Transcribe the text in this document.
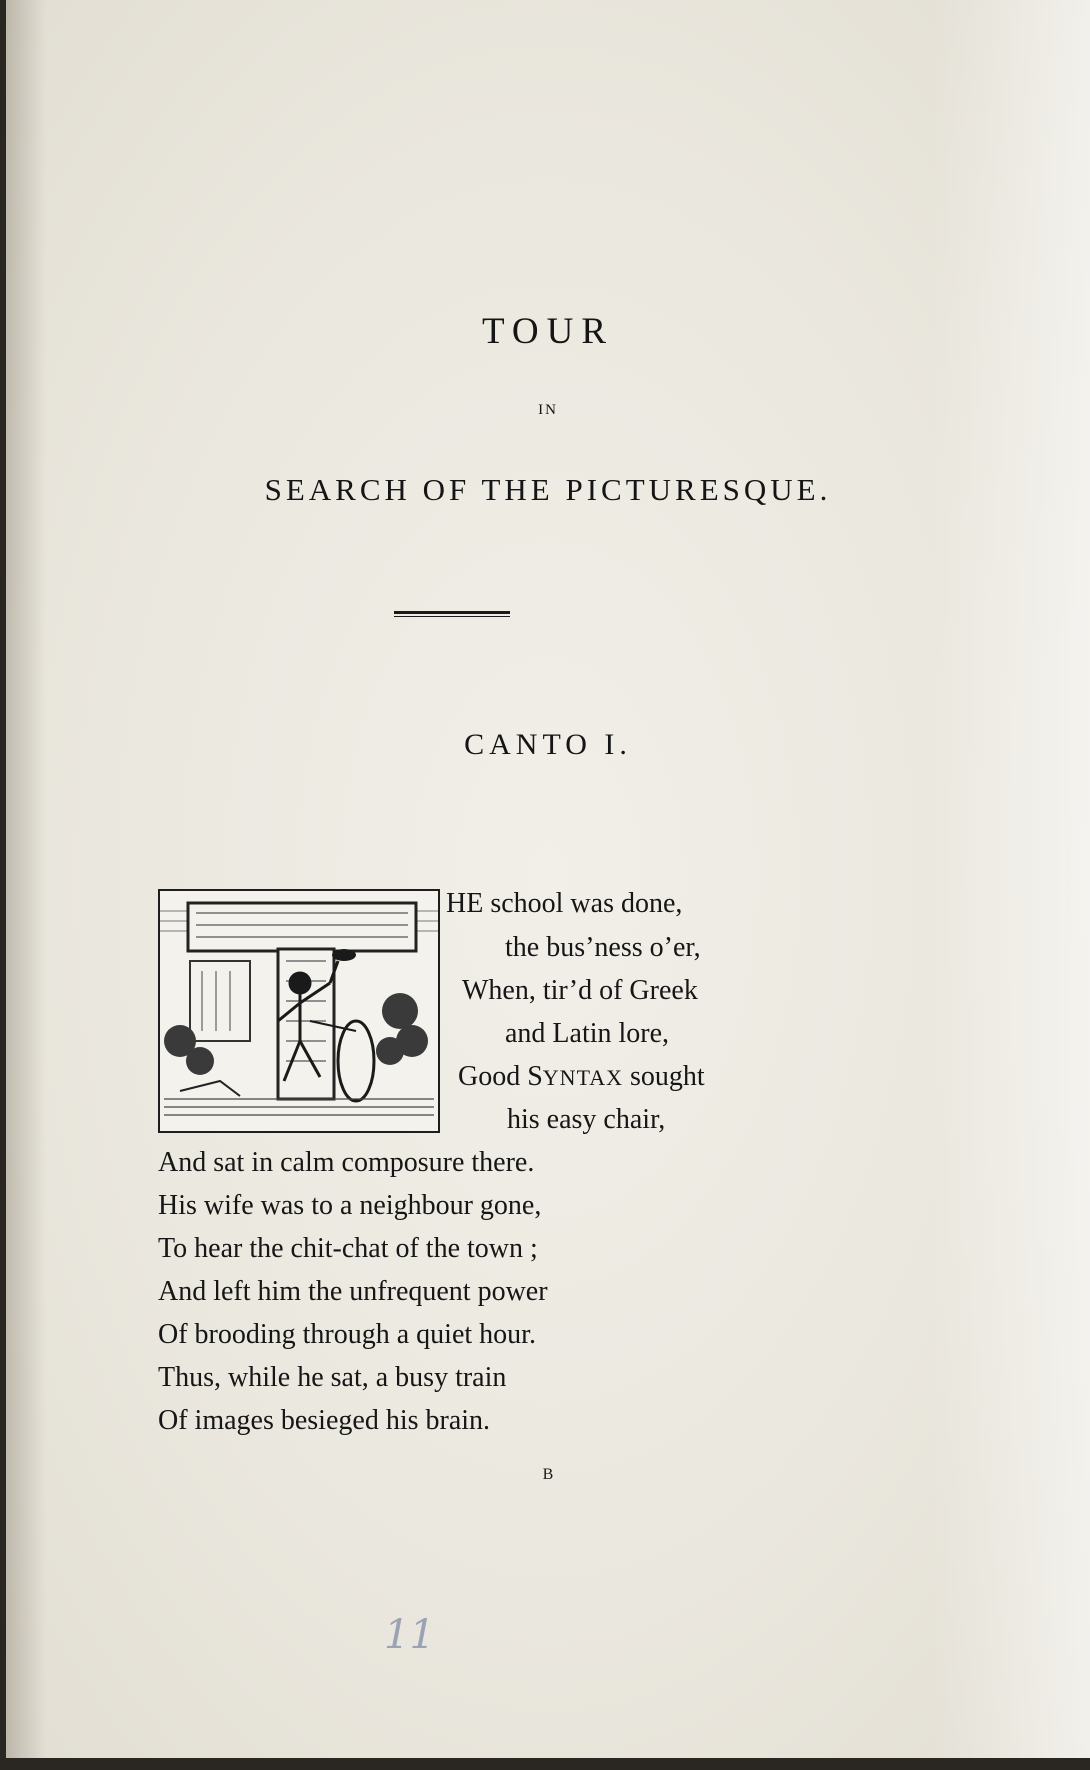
TOUR
IN
SEARCH OF THE PICTURESQUE.
CANTO I.
HE school was done,
the bus’ness o’er,
When, tir’d of Greek
and Latin lore,
Good SYNTAX sought
his easy chair,
And sat in calm composure there.
His wife was to a neighbour gone,
To hear the chit-chat of the town ;
And left him the unfrequent power
Of brooding through a quiet hour.
Thus, while he sat, a busy train
Of images besieged his brain.
B
11
